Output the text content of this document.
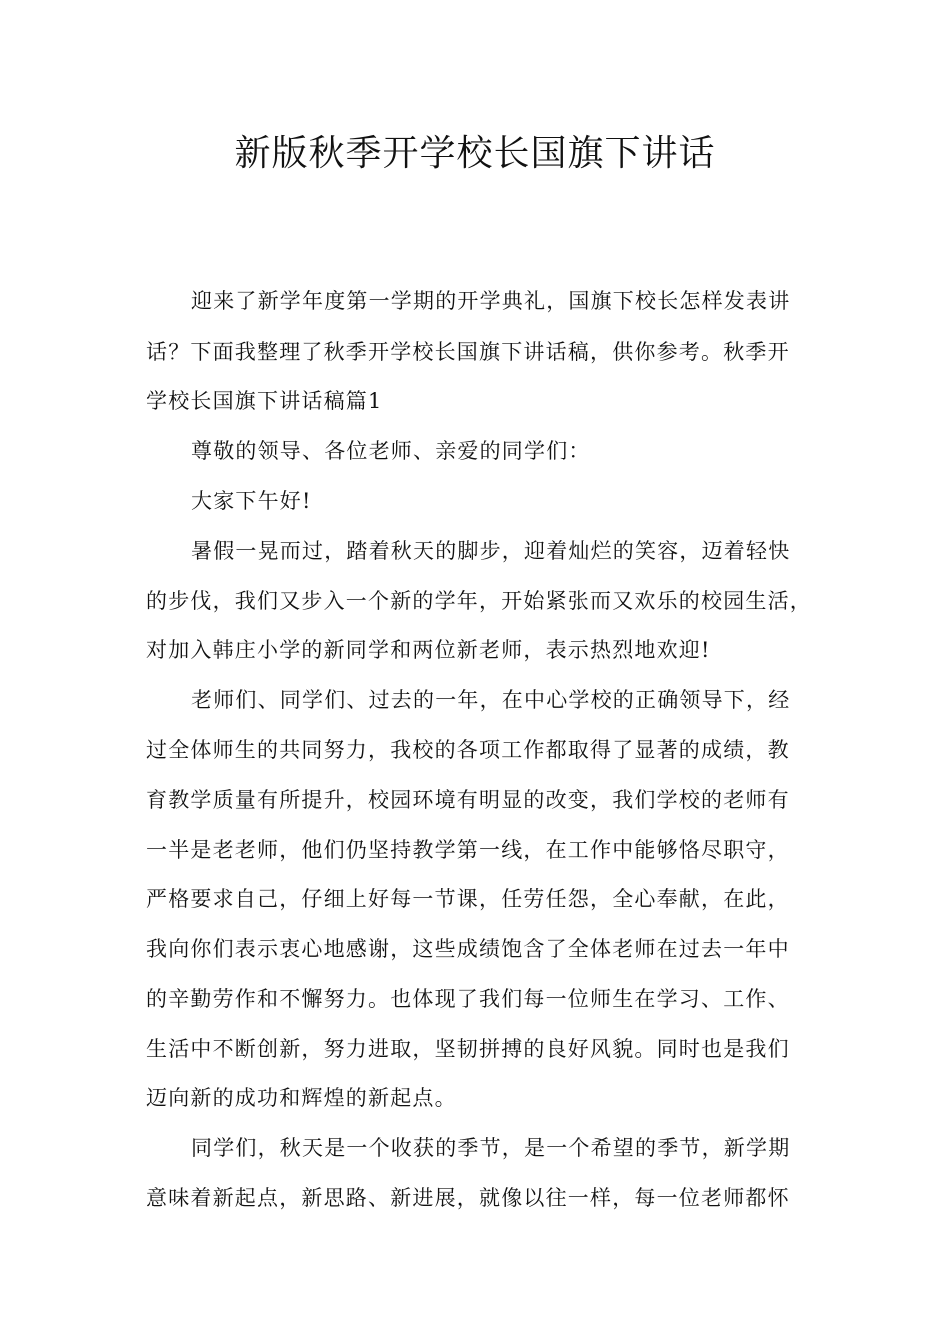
新版秋季开学校长国旗下讲话
迎来了新学年度第一学期的开学典礼，国旗下校长怎样发表讲
话？下面我整理了秋季开学校长国旗下讲话稿，供你参考。秋季开
学校长国旗下讲话稿篇1
尊敬的领导、各位老师、亲爱的同学们：
大家下午好!
暑假一晃而过，踏着秋天的脚步，迎着灿烂的笑容，迈着轻快
的步伐，我们又步入一个新的学年，开始紧张而又欢乐的校园生活，
对加入韩庄小学的新同学和两位新老师，表示热烈地欢迎!
老师们、同学们、过去的一年，在中心学校的正确领导下，经
过全体师生的共同努力，我校的各项工作都取得了显著的成绩，教
育教学质量有所提升，校园环境有明显的改变，我们学校的老师有
一半是老老师，他们仍坚持教学第一线，在工作中能够恪尽职守，
严格要求自己，仔细上好每一节课，任劳任怨，全心奉献，在此，
我向你们表示衷心地感谢，这些成绩饱含了全体老师在过去一年中
的辛勤劳作和不懈努力。也体现了我们每一位师生在学习、工作、
生活中不断创新，努力进取，坚韧拼搏的良好风貌。同时也是我们
迈向新的成功和辉煌的新起点。
同学们，秋天是一个收获的季节，是一个希望的季节，新学期
意味着新起点，新思路、新进展，就像以往一样，每一位老师都怀
